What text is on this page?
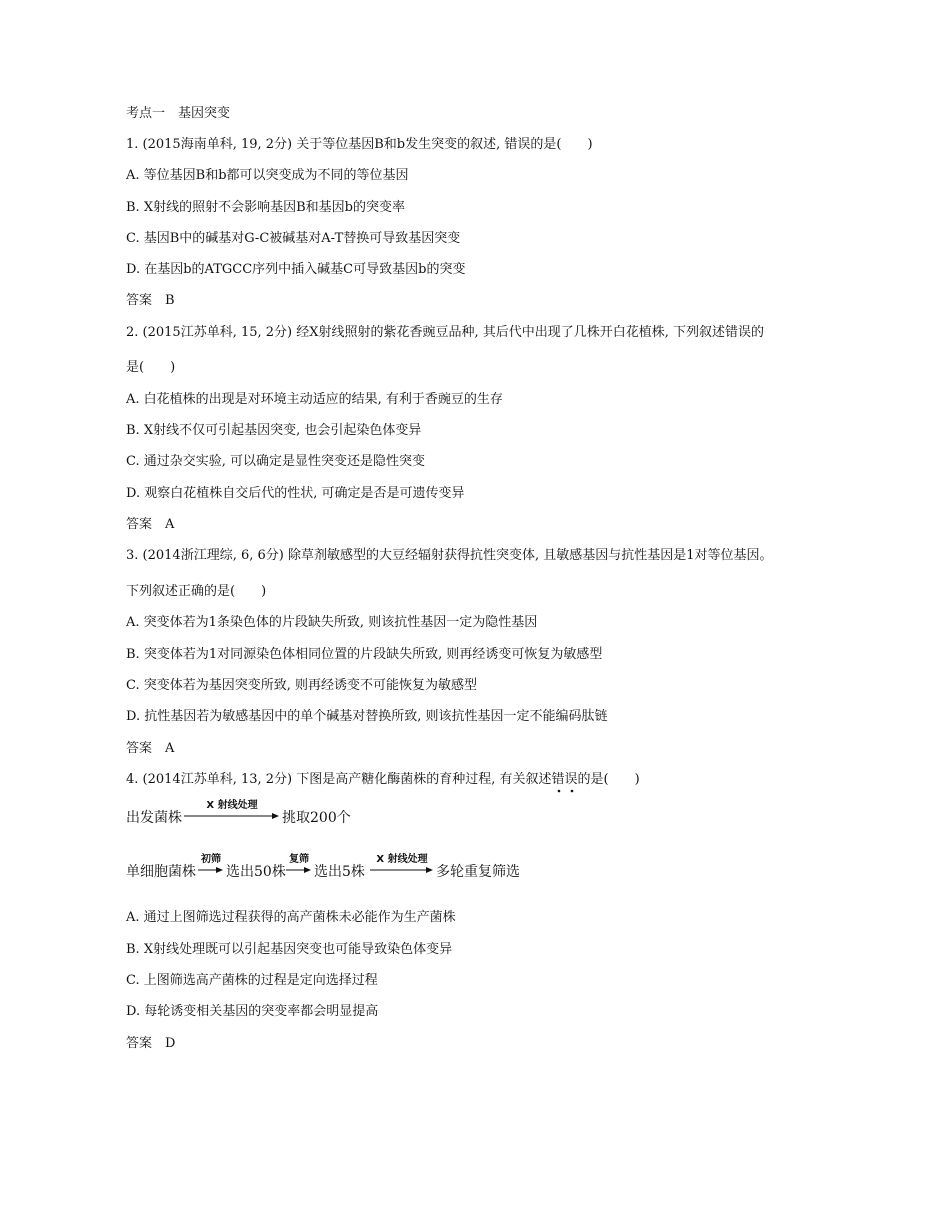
考点一　基因突变
1. (2015海南单科, 19, 2分) 关于等位基因B和b发生突变的叙述, 错误的是(　　)
A. 等位基因B和b都可以突变成为不同的等位基因
B. X射线的照射不会影响基因B和基因b的突变率
C. 基因B中的碱基对G-C被碱基对A-T替换可导致基因突变
D. 在基因b的ATGCC序列中插入碱基C可导致基因b的突变
答案　B
2. (2015江苏单科, 15, 2分) 经X射线照射的紫花香豌豆品种, 其后代中出现了几株开白花植株, 下列叙述错误的
是(　　)
A. 白花植株的出现是对环境主动适应的结果, 有利于香豌豆的生存
B. X射线不仅可引起基因突变, 也会引起染色体变异
C. 通过杂交实验, 可以确定是显性突变还是隐性突变
D. 观察白花植株自交后代的性状, 可确定是否是可遗传变异
答案　A
3. (2014浙江理综, 6, 6分) 除草剂敏感型的大豆经辐射获得抗性突变体, 且敏感基因与抗性基因是1对等位基因。
下列叙述正确的是(　　)
A. 突变体若为1条染色体的片段缺失所致, 则该抗性基因一定为隐性基因
B. 突变体若为1对同源染色体相同位置的片段缺失所致, 则再经诱变可恢复为敏感型
C. 突变体若为基因突变所致, 则再经诱变不可能恢复为敏感型
D. 抗性基因若为敏感基因中的单个碱基对替换所致, 则该抗性基因一定不能编码肽链
答案　A
4. (2014江苏单科, 13, 2分) 下图是高产糖化酶菌株的育种过程, 有关叙述错误
的是(　　)
出发菌株
X 射线处理
挑取200个
单细胞菌株
初筛
选出50株
复筛
选出5株
X 射线处理
多轮重复筛选
A. 通过上图筛选过程获得的高产菌株未必能作为生产菌株
B. X射线处理既可以引起基因突变也可能导致染色体变异
C. 上图筛选高产菌株的过程是定向选择过程
D. 每轮诱变相关基因的突变率都会明显提高
答案　D
